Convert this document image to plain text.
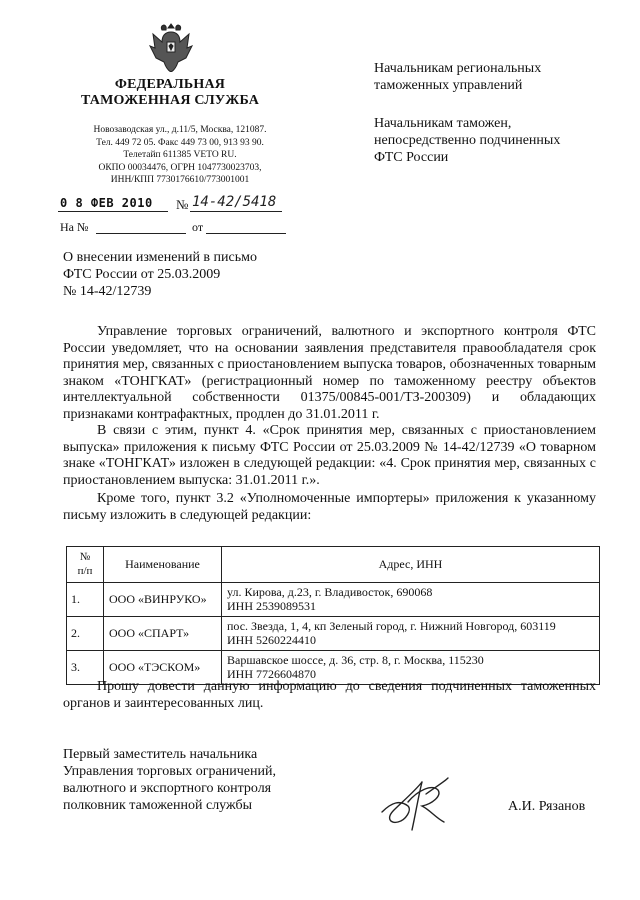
ФЕДЕРАЛЬНАЯ
ТАМОЖЕННАЯ СЛУЖБА
Новозаводская ул., д.11/5, Москва, 121087.
Тел. 449 72 05. Факс 449 73 00, 913 93 90.
Телетайп 611385 VETO RU.
ОКПО 00034476, ОГРН 1047730023703,
ИНН/КПП 7730176610/773001001
0 8 ФЕВ 2010 № 14-42/5418
На №	от
Начальникам региональных
таможенных управлений
Начальникам таможен,
непосредственно подчиненных
ФТС России
О внесении изменений в письмо
ФТС России от 25.03.2009
№ 14-42/12739
Управление торговых ограничений, валютного и экспортного контроля ФТС России уведомляет, что на основании заявления представителя правообладателя срок принятия мер, связанных с приостановлением выпуска товаров, обозначенных товарным знаком «ТОНГКАТ» (регистрационный номер по таможенному реестру объектов интеллектуальной собственности 01375/00845-001/ТЗ-200309) и обладающих признаками контрафактных, продлен до 31.01.2011 г.
В связи с этим, пункт 4. «Срок принятия мер, связанных с приостановлением выпуска» приложения к письму ФТС России от 25.03.2009 № 14-42/12739 «О товарном знаке «ТОНГКАТ» изложен в следующей редакции: «4. Срок принятия мер, связанных с приостановлением выпуска: 31.01.2011 г.».
Кроме того, пункт 3.2 «Уполномоченные импортеры» приложения к указанному письму изложить в следующей редакции:
№
п/п	Наименование	Адрес, ИНН
1.	ООО «ВИНРУКО»	ул. Кирова, д.23, г. Владивосток, 690068
ИНН 2539089531

2.	ООО «СПАРТ»	пос. Звезда, 1, 4, кп Зеленый город, г. Нижний Новгород, 603119
ИНН 5260224410

3.	ООО «ТЭСКОМ»	Варшавское шоссе, д. 36, стр. 8, г. Москва, 115230
ИНН 7726604870
Прошу довести данную информацию до сведения подчиненных таможенных органов и заинтересованных лиц.
Первый заместитель начальника
Управления торговых ограничений,
валютного и экспортного контроля
полковник таможенной службы	А.И. Рязанов
